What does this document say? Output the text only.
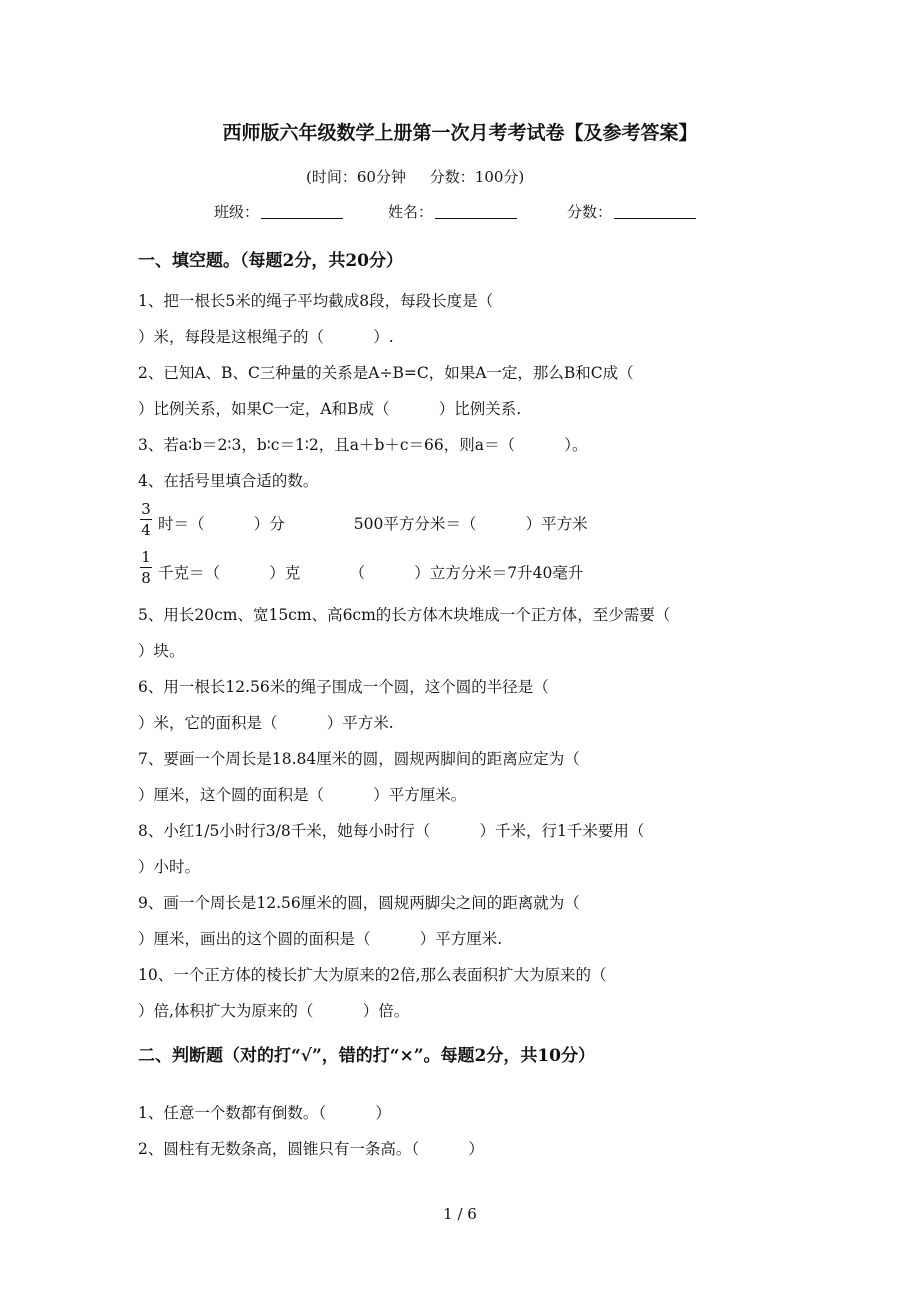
西师版六年级数学上册第一次月考考试卷【及参考答案】
(时间：60分钟     分数：100分)
班级：	姓名：	分数：
一、填空题。（每题2分，共20分）
1、把一根长5米的绳子平均截成8段，每段长度是（
）米，每段是这根绳子的（          ）.
2、已知A、B、C三种量的关系是A÷B=C，如果A一定，那么B和C成（
）比例关系，如果C一定，A和B成（          ）比例关系.
3、若a∶b＝2∶3，b∶c＝1∶2，且a＋b＋c＝66，则a＝（          ）。
4、在括号里填合适的数。
3
4 时＝（          ）分              500平方分米＝（          ）平方米
1
8 千克＝（          ）克          （          ）立方分米＝7升40毫升
5、用长20cm、宽15cm、高6cm的长方体木块堆成一个正方体，至少需要（
）块。
6、用一根长12.56米的绳子围成一个圆，这个圆的半径是（
）米，它的面积是（          ）平方米.
7、要画一个周长是18.84厘米的圆，圆规两脚间的距离应定为（
）厘米，这个圆的面积是（          ）平方厘米。
8、小红1/5小时行3/8千米，她每小时行（          ）千米，行1千米要用（
）小时。
9、画一个周长是12.56厘米的圆，圆规两脚尖之间的距离就为（
）厘米，画出的这个圆的面积是（          ）平方厘米.
10、一个正方体的棱长扩大为原来的2倍,那么表面积扩大为原来的（
）倍,体积扩大为原来的（          ）倍。
二、判断题（对的打“√”，错的打“×”。每题2分，共10分）
1、任意一个数都有倒数。（          ）
2、圆柱有无数条高，圆锥只有一条高。（          ）
1 / 6
